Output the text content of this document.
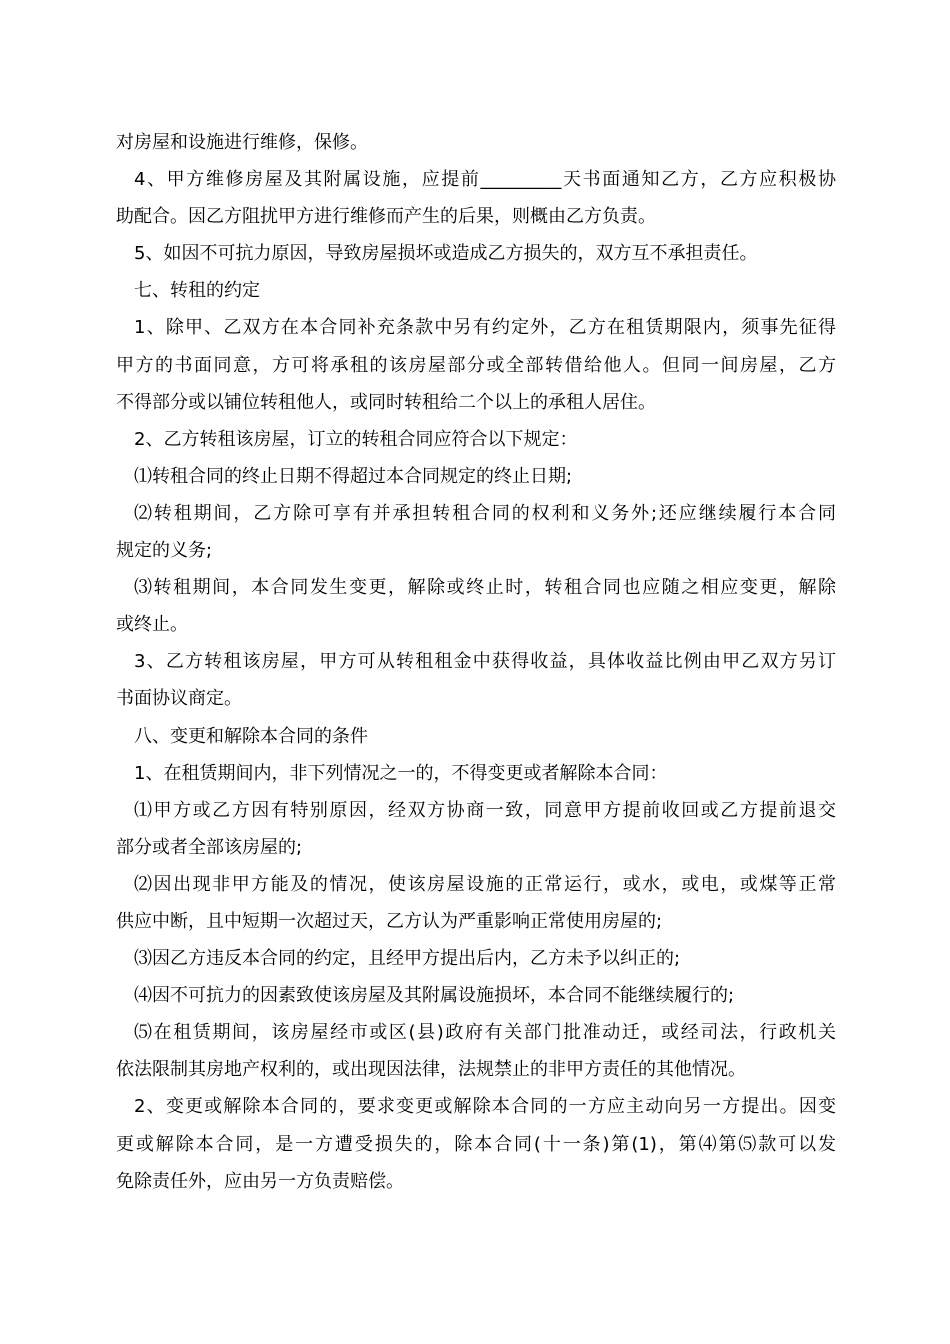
对房屋和设施进行维修，保修。
4、甲方维修房屋及其附属设施，应提前_________天书面通知乙方，乙方应积极协
助配合。因乙方阻扰甲方进行维修而产生的后果，则概由乙方负责。
5、如因不可抗力原因，导致房屋损坏或造成乙方损失的，双方互不承担责任。
七、转租的约定
1、除甲、乙双方在本合同补充条款中另有约定外，乙方在租赁期限内，须事先征得
甲方的书面同意，方可将承租的该房屋部分或全部转借给他人。但同一间房屋，乙方
不得部分或以铺位转租他人，或同时转租给二个以上的承租人居住。
2、乙方转租该房屋，订立的转租合同应符合以下规定：
⑴转租合同的终止日期不得超过本合同规定的终止日期;
⑵转租期间，乙方除可享有并承担转租合同的权利和义务外;还应继续履行本合同
规定的义务;
⑶转租期间，本合同发生变更，解除或终止时，转租合同也应随之相应变更，解除
或终止。
3、乙方转租该房屋，甲方可从转租租金中获得收益，具体收益比例由甲乙双方另订
书面协议商定。
八、变更和解除本合同的条件
1、在租赁期间内，非下列情况之一的，不得变更或者解除本合同：
⑴甲方或乙方因有特别原因，经双方协商一致，同意甲方提前收回或乙方提前退交
部分或者全部该房屋的;
⑵因出现非甲方能及的情况，使该房屋设施的正常运行，或水，或电，或煤等正常
供应中断，且中短期一次超过天，乙方认为严重影响正常使用房屋的;
⑶因乙方违反本合同的约定，且经甲方提出后内，乙方未予以纠正的;
⑷因不可抗力的因素致使该房屋及其附属设施损坏，本合同不能继续履行的;
⑸在租赁期间，该房屋经市或区(县)政府有关部门批准动迁，或经司法，行政机关
依法限制其房地产权利的，或出现因法律，法规禁止的非甲方责任的其他情况。
2、变更或解除本合同的，要求变更或解除本合同的一方应主动向另一方提出。因变
更或解除本合同，是一方遭受损失的，除本合同(十一条)第(1)，第⑷第⑸款可以发
免除责任外，应由另一方负责赔偿。
